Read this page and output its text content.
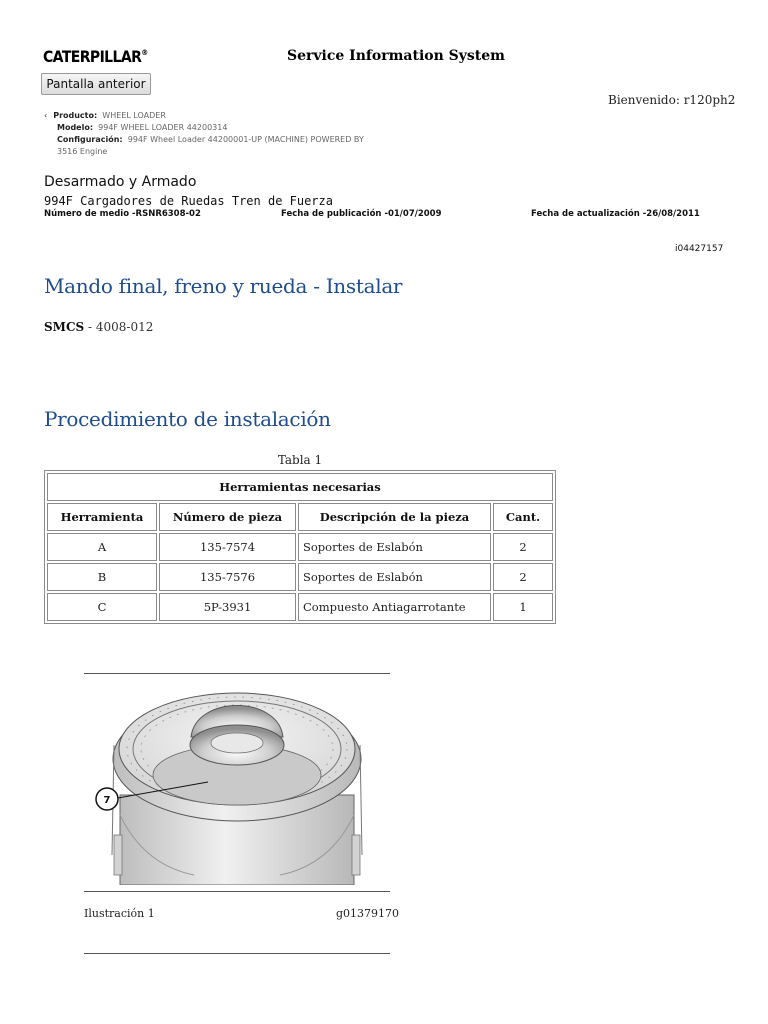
CATERPILLAR®	Service Information System
Pantalla anterior
Bienvenido: r120ph2
‹ Producto: WHEEL LOADER
Modelo: 994F WHEEL LOADER 44200314
Configuración: 994F Wheel Loader 44200001-UP (MACHINE) POWERED BY
3516 Engine
Desarmado y Armado
994F Cargadores de Ruedas Tren de Fuerza
Número de medio -RSNR6308-02	Fecha de publicación -01/07/2009	Fecha de actualización -26/08/2011
i04427157
Mando final, freno y rueda - Instalar
SMCS - 4008-012
Procedimiento de instalación
Tabla 1
Herramientas necesarias			
Herramienta	Número de pieza	Descripción de la pieza	Cant.
A	135-7574	Soportes de Eslabón	2
B	135-7576	Soportes de Eslabón	2
C	5P-3931	Compuesto Antiagarrotante	1
7
Ilustración 1	g01379170
